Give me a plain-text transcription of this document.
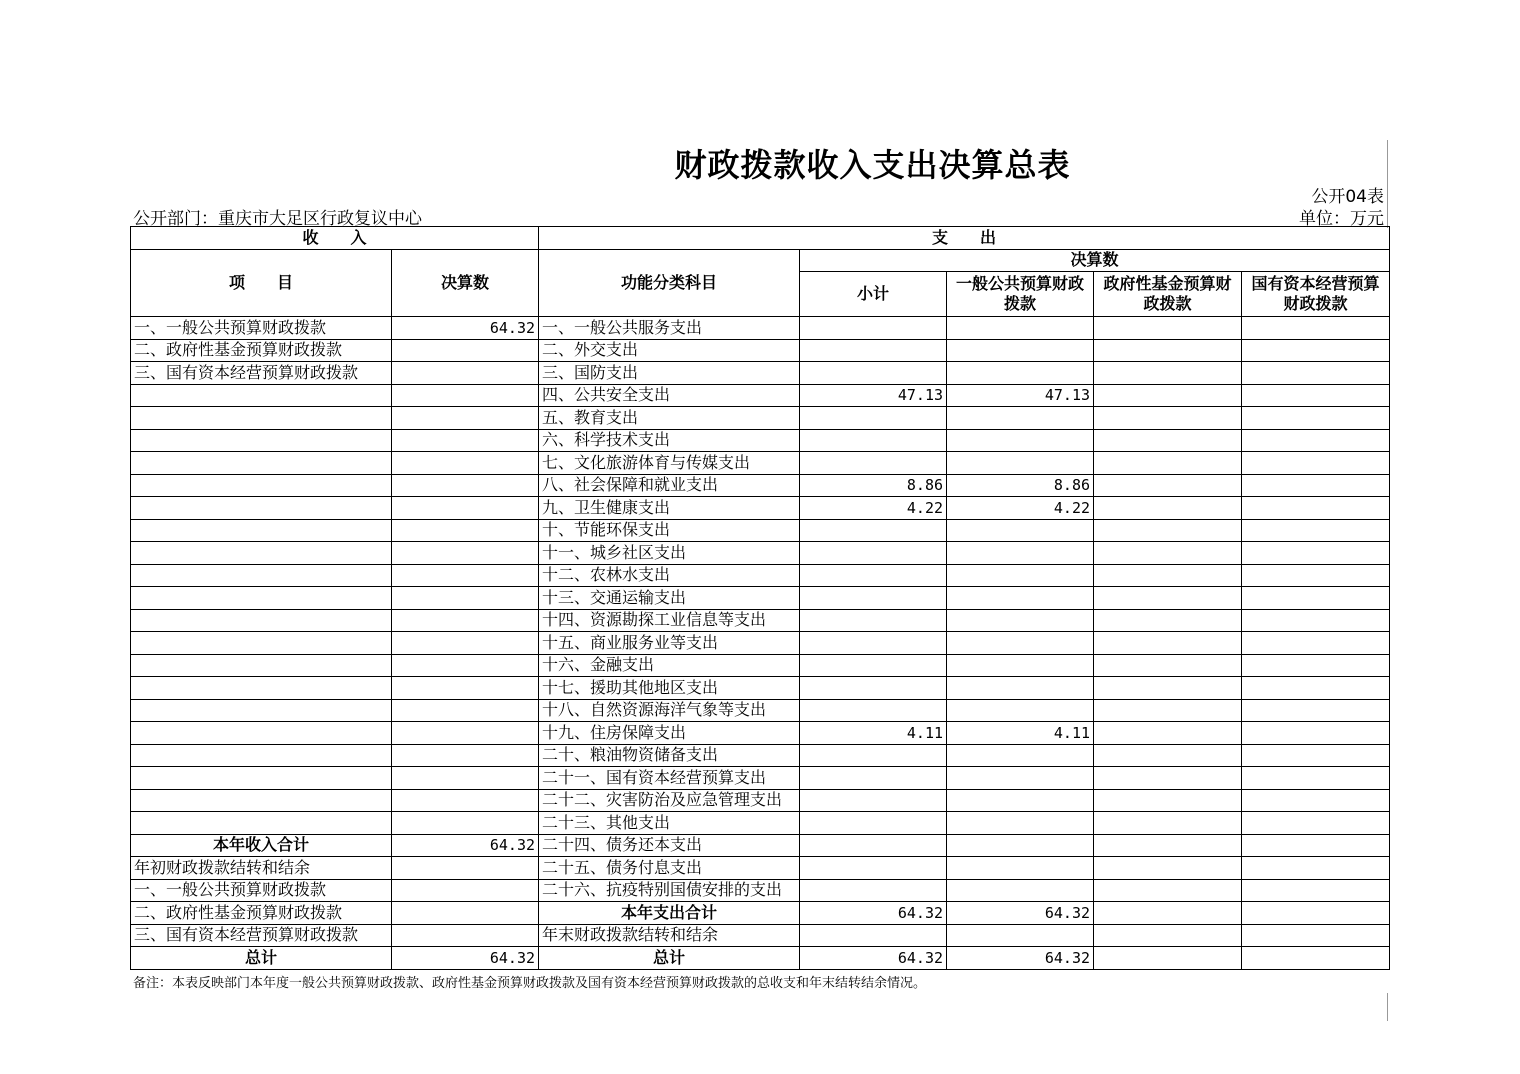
财政拨款收入支出决算总表
公开04表
单位：万元
公开部门：重庆市大足区行政复议中心
收　　入		支　　出				
项　　目	决算数	功能分类科目	决算数			
			小计	一般公共预算财政拨款	政府性基金预算财政拨款	国有资本经营预算财政拨款
一、一般公共预算财政拨款	64.32	一、一般公共服务支出				
二、政府性基金预算财政拨款		二、外交支出				
三、国有资本经营预算财政拨款		三、国防支出				
		四、公共安全支出	47.13	47.13		
		五、教育支出				
		六、科学技术支出				
		七、文化旅游体育与传媒支出				
		八、社会保障和就业支出	8.86	8.86		
		九、卫生健康支出	4.22	4.22		
		十、节能环保支出				
		十一、城乡社区支出				
		十二、农林水支出				
		十三、交通运输支出				
		十四、资源勘探工业信息等支出				
		十五、商业服务业等支出				
		十六、金融支出				
		十七、援助其他地区支出				
		十八、自然资源海洋气象等支出				
		十九、住房保障支出	4.11	4.11		
		二十、粮油物资储备支出				
		二十一、国有资本经营预算支出				
		二十二、灾害防治及应急管理支出				
		二十三、其他支出				
本年收入合计	64.32	二十四、债务还本支出				
年初财政拨款结转和结余		二十五、债务付息支出				
一、一般公共预算财政拨款		二十六、抗疫特别国债安排的支出				
二、政府性基金预算财政拨款		本年支出合计	64.32	64.32		
三、国有资本经营预算财政拨款		年末财政拨款结转和结余				
总计	64.32	总计	64.32	64.32		
备注：本表反映部门本年度一般公共预算财政拨款、政府性基金预算财政拨款及国有资本经营预算财政拨款的总收支和年末结转结余情况。
